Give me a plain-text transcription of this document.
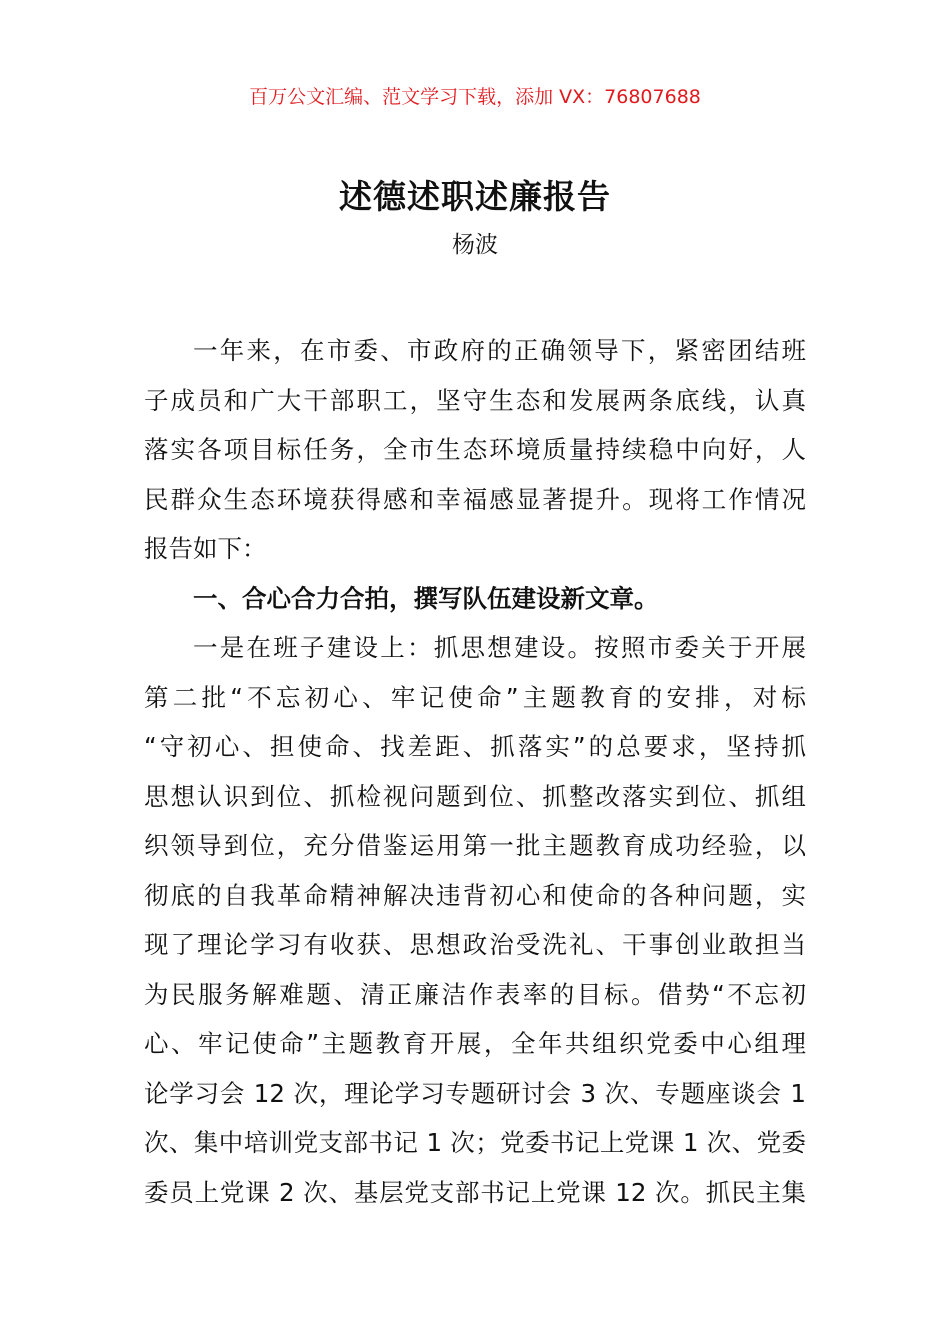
百万公文汇编、范文学习下载，添加 VX：76807688
述德述职述廉报告
杨波
一年来，在市委、市政府的正确领导下，紧密团结班
子成员和广大干部职工，坚守生态和发展两条底线，认真
落实各项目标任务，全市生态环境质量持续稳中向好，人
民群众生态环境获得感和幸福感显著提升。现将工作情况
报告如下：
一、合心合力合拍，撰写队伍建设新文章。
一是在班子建设上：抓思想建设。按照市委关于开展
第二批“不忘初心、牢记使命”主题教育的安排，对标
“守初心、担使命、找差距、抓落实”的总要求，坚持抓
思想认识到位、抓检视问题到位、抓整改落实到位、抓组
织领导到位，充分借鉴运用第一批主题教育成功经验，以
彻底的自我革命精神解决违背初心和使命的各种问题，实
现了理论学习有收获、思想政治受洗礼、干事创业敢担当
为民服务解难题、清正廉洁作表率的目标。借势“不忘初
心、牢记使命”主题教育开展，全年共组织党委中心组理
论学习会 12 次，理论学习专题研讨会 3 次、专题座谈会 1
次、集中培训党支部书记 1 次；党委书记上党课 1 次、党委
委员上党课 2 次、基层党支部书记上党课 12 次。抓民主集
